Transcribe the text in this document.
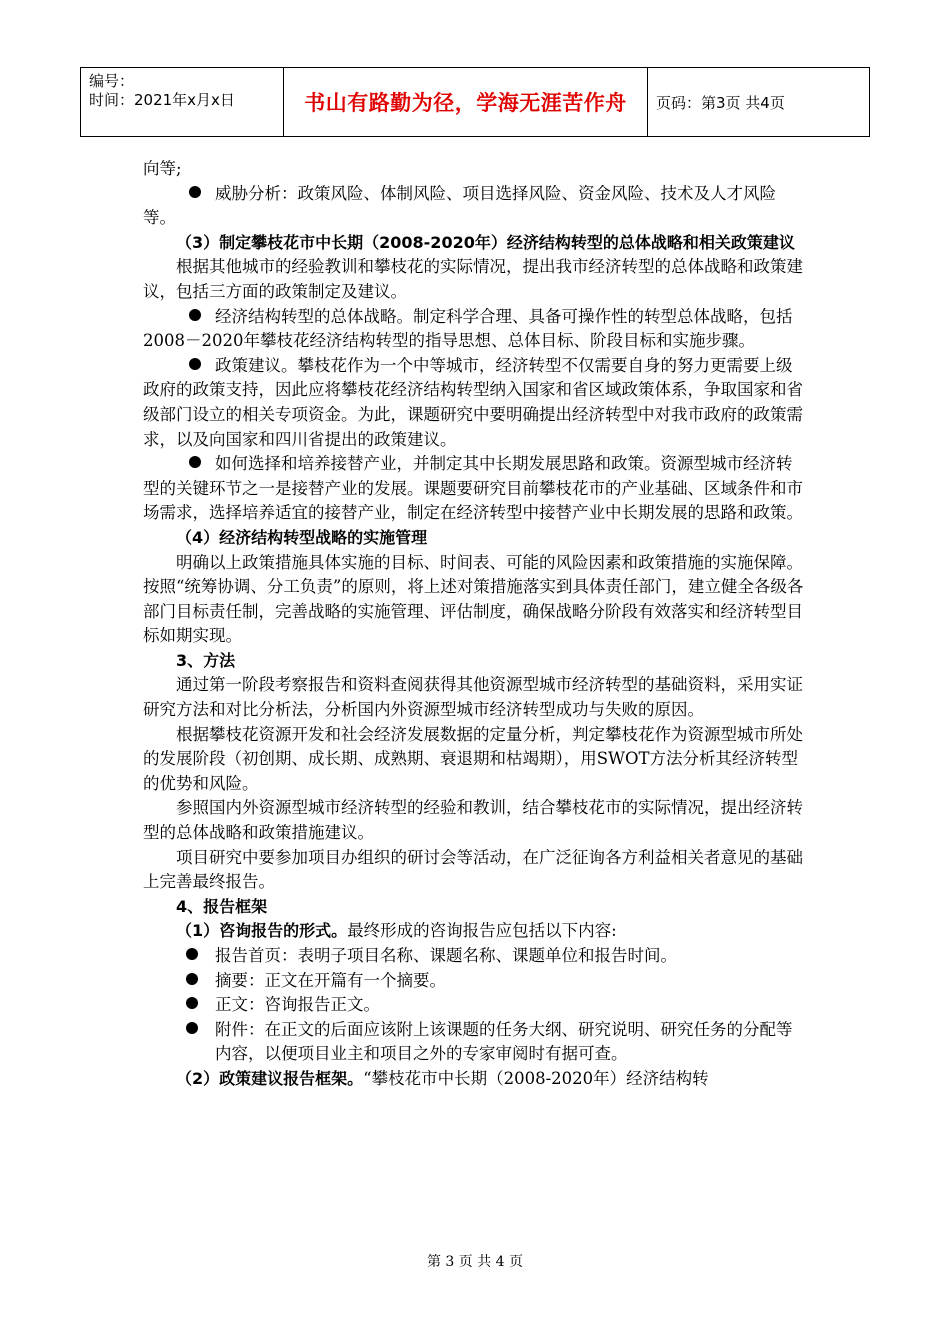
编号：
时间：2021年x月x日	书山有路勤为径，学海无涯苦作舟	页码：第3页 共4页

向等;

威胁分析：政策风险、体制风险、项目选择风险、资金风险、技术及人才风险等。

（3）制定攀枝花市中长期（2008-2020年）经济结构转型的总体战略和相关政策建议

根据其他城市的经验教训和攀枝花的实际情况，提出我市经济转型的总体战略和政策建议，包括三方面的政策制定及建议。

经济结构转型的总体战略。制定科学合理、具备可操作性的转型总体战略，包括2008－2020年攀枝花经济结构转型的指导思想、总体目标、阶段目标和实施步骤。

政策建议。攀枝花作为一个中等城市，经济转型不仅需要自身的努力更需要上级政府的政策支持，因此应将攀枝花经济结构转型纳入国家和省区域政策体系，争取国家和省级部门设立的相关专项资金。为此，课题研究中要明确提出经济转型中对我市政府的政策需求，以及向国家和四川省提出的政策建议。

如何选择和培养接替产业，并制定其中长期发展思路和政策。资源型城市经济转型的关键环节之一是接替产业的发展。课题要研究目前攀枝花市的产业基础、区域条件和市场需求，选择培养适宜的接替产业，制定在经济转型中接替产业中长期发展的思路和政策。

（4）经济结构转型战略的实施管理

明确以上政策措施具体实施的目标、时间表、可能的风险因素和政策措施的实施保障。按照“统筹协调、分工负责”的原则，将上述对策措施落实到具体责任部门，建立健全各级各部门目标责任制，完善战略的实施管理、评估制度，确保战略分阶段有效落实和经济转型目标如期实现。

3、方法

通过第一阶段考察报告和资料查阅获得其他资源型城市经济转型的基础资料，采用实证研究方法和对比分析法，分析国内外资源型城市经济转型成功与失败的原因。

根据攀枝花资源开发和社会经济发展数据的定量分析，判定攀枝花作为资源型城市所处的发展阶段（初创期、成长期、成熟期、衰退期和枯竭期），用SWOT方法分析其经济转型的优势和风险。

参照国内外资源型城市经济转型的经验和教训，结合攀枝花市的实际情况，提出经济转型的总体战略和政策措施建议。

项目研究中要参加项目办组织的研讨会等活动，在广泛征询各方利益相关者意见的基础上完善最终报告。

4、报告框架

（1）咨询报告的形式。最终形成的咨询报告应包括以下内容:

报告首页：表明子项目名称、课题名称、课题单位和报告时间。
摘要：正文在开篇有一个摘要。
正文：咨询报告正文。
附件：在正文的后面应该附上该课题的任务大纲、研究说明、研究任务的分配等内容，以便项目业主和项目之外的专家审阅时有据可查。

（2）政策建议报告框架。“攀枝花市中长期（2008-2020年）经济结构转

第 3 页 共 4 页
